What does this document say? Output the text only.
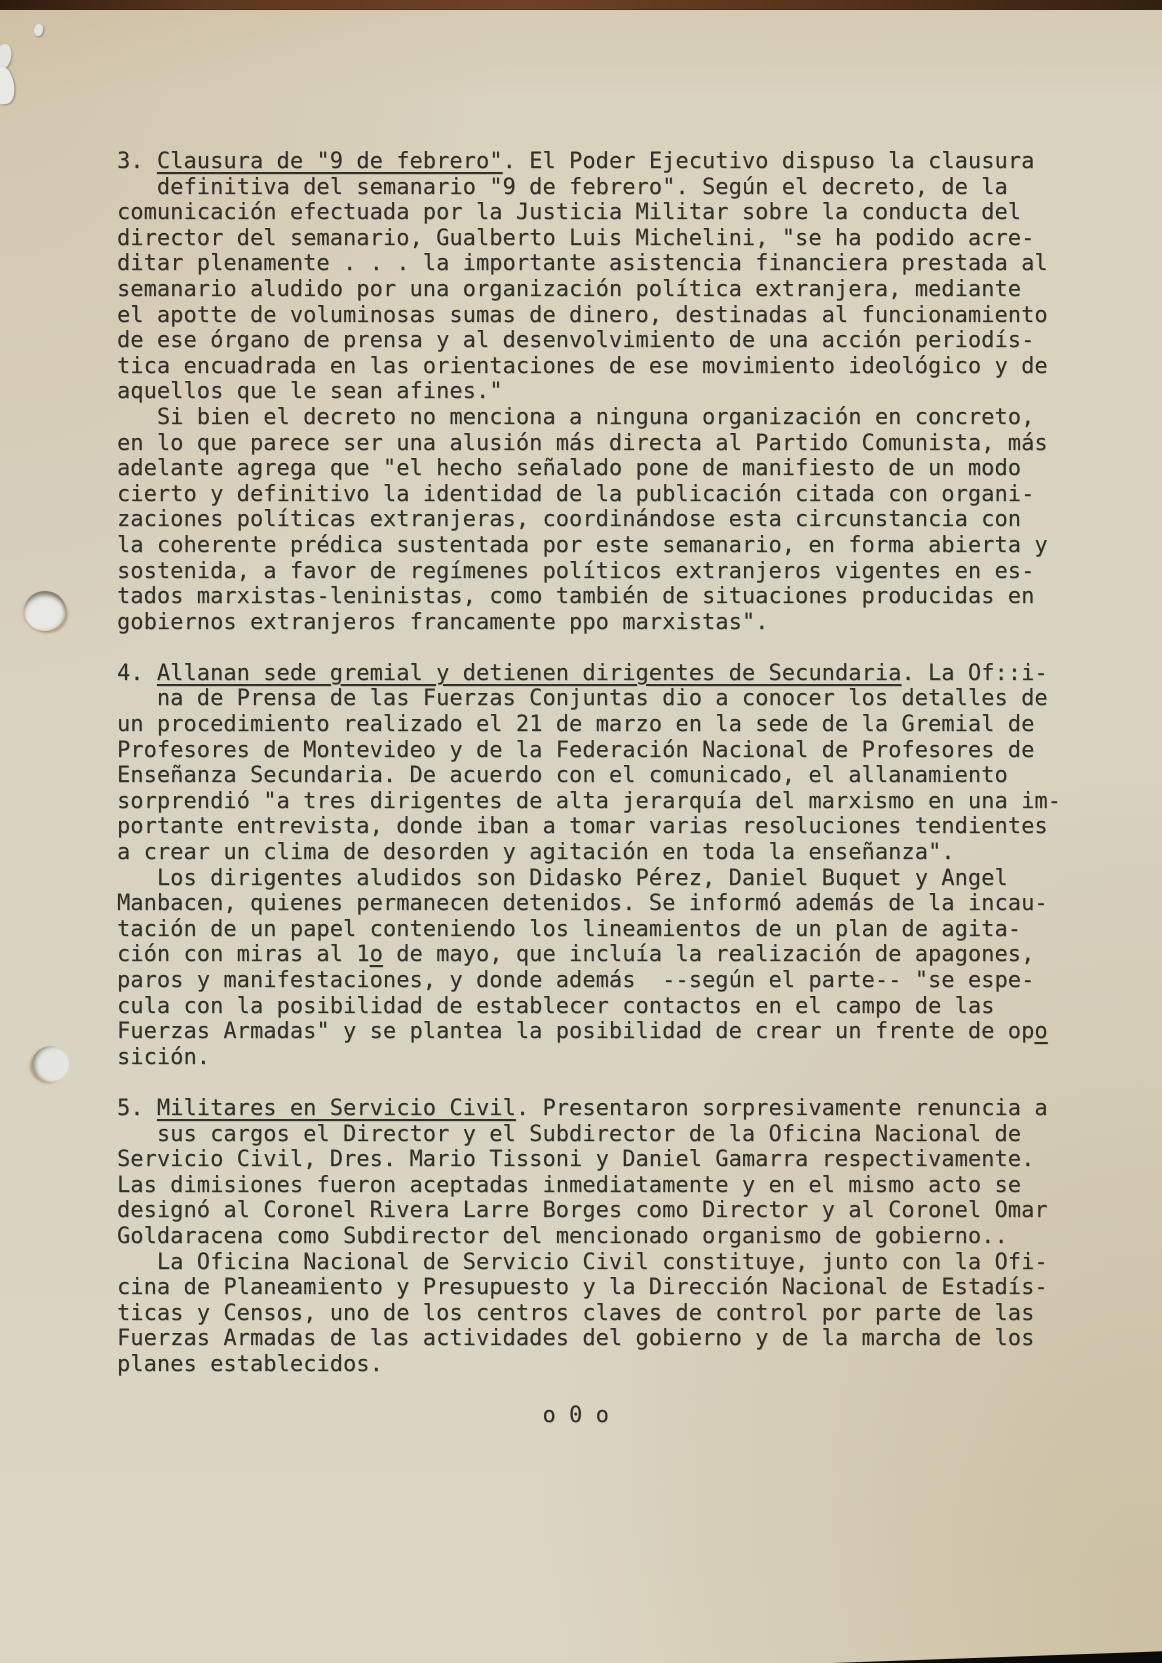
3. Clausura de "9 de febrero". El Poder Ejecutivo dispuso la clausura
definitiva del semanario "9 de febrero". Según el decreto, de la
comunicación efectuada por la Justicia Militar sobre la conducta del
director del semanario, Gualberto Luis Michelini, "se ha podido acre-
ditar plenamente . . . la importante asistencia financiera prestada al
semanario aludido por una organización política extranjera, mediante
el apotte de voluminosas sumas de dinero, destinadas al funcionamiento
de ese órgano de prensa y al desenvolvimiento de una acción periodís-
tica encuadrada en las orientaciones de ese movimiento ideológico y de
aquellos que le sean afines."
Si bien el decreto no menciona a ninguna organización en concreto,
en lo que parece ser una alusión más directa al Partido Comunista, más
adelante agrega que "el hecho señalado pone de manifiesto de un modo
cierto y definitivo la identidad de la publicación citada con organi-
zaciones políticas extranjeras, coordinándose esta circunstancia con
la coherente prédica sustentada por este semanario, en forma abierta y
sostenida, a favor de regímenes políticos extranjeros vigentes en es-
tados marxistas-leninistas, como también de situaciones producidas en
gobiernos extranjeros francamente ppo marxistas".

4. Allanan sede gremial y detienen dirigentes de Secundaria. La Of::i-
na de Prensa de las Fuerzas Conjuntas dio a conocer los detalles de
un procedimiento realizado el 21 de marzo en la sede de la Gremial de
Profesores de Montevideo y de la Federación Nacional de Profesores de
Enseñanza Secundaria. De acuerdo con el comunicado, el allanamiento
sorprendió "a tres dirigentes de alta jerarquía del marxismo en una im-
portante entrevista, donde iban a tomar varias resoluciones tendientes
a crear un clima de desorden y agitación en toda la enseñanza".
Los dirigentes aludidos son Didasko Pérez, Daniel Buquet y Angel
Manbacen, quienes permanecen detenidos. Se informó además de la incau-
tación de un papel conteniendo los lineamientos de un plan de agita-
ción con miras al 1o de mayo, que incluía la realización de apagones,
paros y manifestaciones, y donde además  --según el parte-- "se espe-
cula con la posibilidad de establecer contactos en el campo de las
Fuerzas Armadas" y se plantea la posibilidad de crear un frente de opo
sición.

5. Militares en Servicio Civil. Presentaron sorpresivamente renuncia a
sus cargos el Director y el Subdirector de la Oficina Nacional de
Servicio Civil, Dres. Mario Tissoni y Daniel Gamarra respectivamente.
Las dimisiones fueron aceptadas inmediatamente y en el mismo acto se
designó al Coronel Rivera Larre Borges como Director y al Coronel Omar
Goldaracena como Subdirector del mencionado organismo de gobierno..
La Oficina Nacional de Servicio Civil constituye, junto con la Ofi-
cina de Planeamiento y Presupuesto y la Dirección Nacional de Estadís-
ticas y Censos, uno de los centros claves de control por parte de las
Fuerzas Armadas de las actividades del gobierno y de la marcha de los
planes establecidos.

o 0 o
